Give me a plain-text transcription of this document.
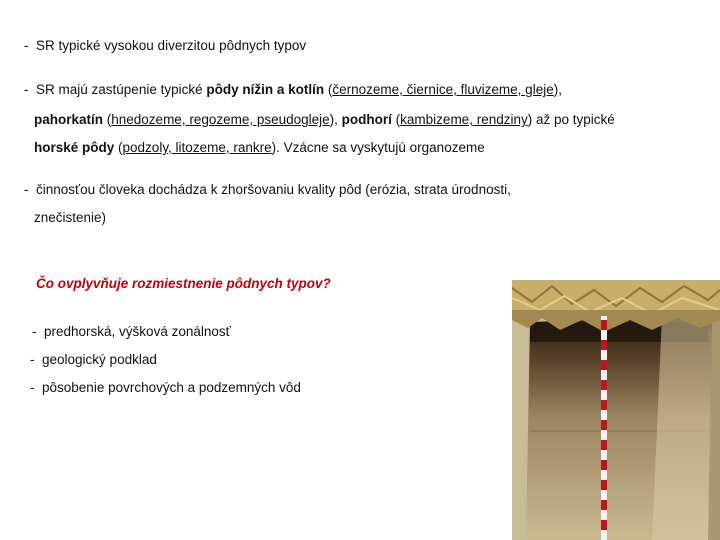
- SR typické vysokou diverzitou pôdnych typov
- SR majú zastúpenie typické pôdy nížin a kotlín (černozeme, čiernice, fluvizeme, gleje),
pahorkatín (hnedozeme, regozeme, pseudogleje), podhorí (kambizeme, rendziny) až po typické
horské pôdy (podzoly, litozeme, rankre). Vzácne sa vyskytujú organozeme
- činnosťou človeka dochádza k zhoršovaniu kvality pôd (erózia, strata úrodnosti,
znečistenie)
Čo ovplyvňuje rozmiestnenie pôdnych typov?
- predhorská, výšková zonálnosť
- geologický podklad
- pôsobenie povrchových a podzemných vôd
